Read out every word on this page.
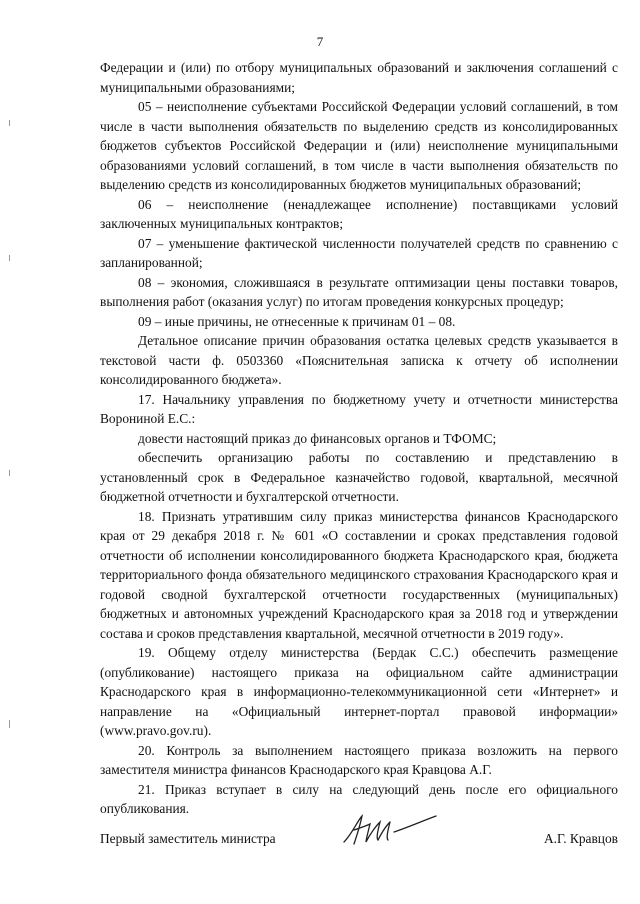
7

Федерации и (или) по отбору муниципальных образований и заключения соглашений с муниципальными образованиями;

05 – неисполнение субъектами Российской Федерации условий соглашений, в том числе в части выполнения обязательств по выделению средств из консолидированных бюджетов субъектов Российской Федерации и (или) неисполнение муниципальными образованиями условий соглашений, в том числе в части выполнения обязательств по выделению средств из консолидированных бюджетов муниципальных образований;

06 – неисполнение (ненадлежащее исполнение) поставщиками условий заключенных муниципальных контрактов;

07 – уменьшение фактической численности получателей средств по сравнению с запланированной;

08 – экономия, сложившаяся в результате оптимизации цены поставки товаров, выполнения работ (оказания услуг) по итогам проведения конкурсных процедур;

09 – иные причины, не отнесенные к причинам 01 – 08.

Детальное описание причин образования остатка целевых средств указывается в текстовой части ф. 0503360 «Пояснительная записка к отчету об исполнении консолидированного бюджета».

17. Начальнику управления по бюджетному учету и отчетности министерства Ворониной Е.С.:

довести настоящий приказ до финансовых органов и ТФОМС;

обеспечить организацию работы по составлению и представлению в установленный срок в Федеральное казначейство годовой, квартальной, месячной бюджетной отчетности и бухгалтерской отчетности.

18. Признать утратившим силу приказ министерства финансов Краснодарского края от 29 декабря 2018 г. № 601 «О составлении и сроках представления годовой отчетности об исполнении консолидированного бюджета Краснодарского края, бюджета территориального фонда обязательного медицинского страхования Краснодарского края и годовой сводной бухгалтерской отчетности государственных (муниципальных) бюджетных и автономных учреждений Краснодарского края за 2018 год и утверждении состава и сроков представления квартальной, месячной отчетности в 2019 году».

19. Общему отделу министерства (Бердак С.С.) обеспечить размещение (опубликование) настоящего приказа на официальном сайте администрации Краснодарского края в информационно-телекоммуникационной сети «Интернет» и направление на «Официальный интернет-портал правовой информации» (www.pravo.gov.ru).

20. Контроль за выполнением настоящего приказа возложить на первого заместителя министра финансов Краснодарского края Кравцова А.Г.

21. Приказ вступает в силу на следующий день после его официального опубликования.

Первый заместитель министра	А.Г. Кравцов
